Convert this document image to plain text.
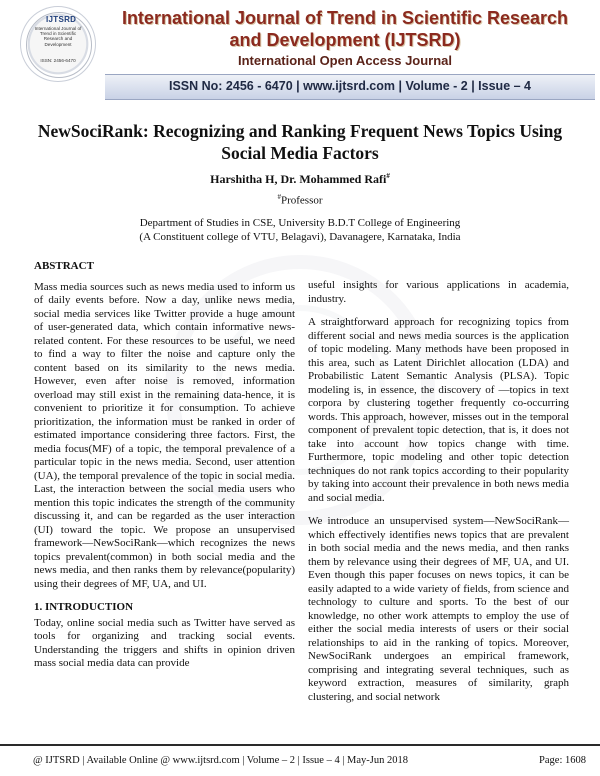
IJTSRD
International Journal of Trend in Scientific Research and Development
ISSN: 2456-6470
International Journal of Trend in Scientific Research and Development (IJTSRD)
International Open Access Journal
ISSN No: 2456 - 6470 | www.ijtsrd.com | Volume - 2 | Issue – 4
NewSociRank: Recognizing and Ranking Frequent News Topics Using Social Media Factors
Harshitha H, Dr. Mohammed Rafi#
#Professor
Department of Studies in CSE, University B.D.T College of Engineering
(A Constituent college of VTU, Belagavi), Davanagere, Karnataka, India
ABSTRACT
Mass media sources such as news media used to inform us of daily events before. Now a day, unlike news media, social media services like Twitter provide a huge amount of user-generated data, which contain informative news-related content. For these resources to be useful, we need to find a way to filter the noise and capture only the content based on its similarity to the news media. However, even after noise is removed, information overload may still exist in the remaining data-hence, it is convenient to prioritize it for consumption. To achieve prioritization, the information must be ranked in order of estimated importance considering three factors. First, the media focus(MF) of a topic, the temporal prevalence of a particular topic in the news media. Second, user attention (UA), the temporal prevalence of the topic in social media. Last, the interaction between the social media users who mention this topic indicates the strength of the community discussing it, and can be regarded as the user interaction (UI) toward the topic. We propose an unsupervised framework—NewSociRank—which recognizes the news topics prevalent(common) in both social media and the news media, and then ranks them by relevance(popularity) using their degrees of MF, UA, and UI.
1. INTRODUCTION
Today, online social media such as Twitter have served as tools for organizing and tracking social events. Understanding the triggers and shifts in opinion driven mass social media data can provide
useful insights for various applications in academia, industry.
A straightforward approach for recognizing topics from different social and news media sources is the application of topic modeling. Many methods have been proposed in this area, such as Latent Dirichlet allocation (LDA) and Probabilistic Latent Semantic Analysis (PLSA). Topic modeling is, in essence, the discovery of ―topics in text corpora by clustering together frequently co-occurring words. This approach, however, misses out in the temporal component of prevalent topic detection, that is, it does not take into account how topics change with time. Furthermore, topic modeling and other topic detection techniques do not rank topics according to their popularity by taking into account their prevalence in both news media and social media.
We introduce an unsupervised system—NewSociRank—which effectively identifies news topics that are prevalent in both social media and the news media, and then ranks them by relevance using their degrees of MF, UA, and UI. Even though this paper focuses on news topics, it can be easily adapted to a wide variety of fields, from science and technology to culture and sports. To the best of our knowledge, no other work attempts to employ the use of either the social media interests of users or their social relationships to aid in the ranking of topics. Moreover, NewSociRank undergoes an empirical framework, comprising and integrating several techniques, such as keyword extraction, measures of similarity, graph clustering, and social network
@ IJTSRD | Available Online @ www.ijtsrd.com | Volume – 2 | Issue – 4 | May-Jun 2018	Page: 1608
